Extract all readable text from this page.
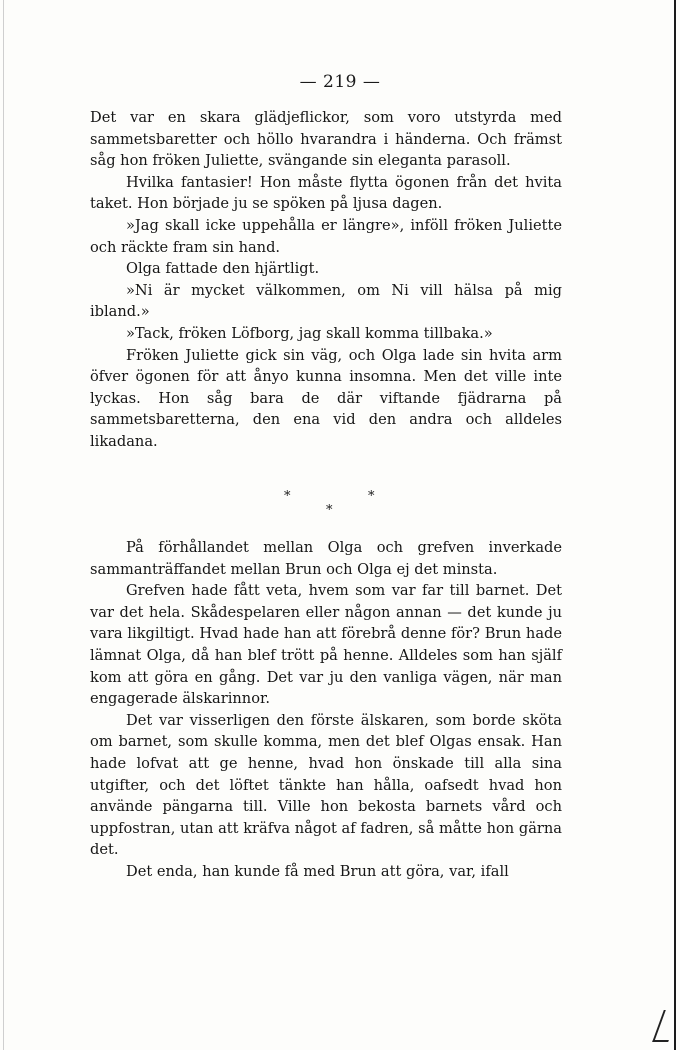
— 219 —

Det var en skara glädjeflickor, som voro utstyrda med sammetsbaretter och höllo hvarandra i händerna. Och främst såg hon fröken Juliette, svängande sin eleganta parasoll.

Hvilka fantasier! Hon måste flytta ögonen från det hvita taket. Hon började ju se spöken på ljusa dagen.

»Jag skall icke uppehålla er längre», inföll fröken Juliette och räckte fram sin hand.

Olga fattade den hjärtligt.

»Ni är mycket välkommen, om Ni vill hälsa på mig ibland.»

»Tack, fröken Löfborg, jag skall komma tillbaka.»

Fröken Juliette gick sin väg, och Olga lade sin hvita arm öfver ögonen för att ånyo kunna insomna. Men det ville inte lyckas. Hon såg bara de där viftande fjädrarna på sammetsbaretterna, den ena vid den andra och alldeles likadana.

*
*
*

På förhållandet mellan Olga och grefven inverkade sammanträffandet mellan Brun och Olga ej det minsta.

Grefven hade fått veta, hvem som var far till barnet. Det var det hela. Skådespelaren eller någon annan — det kunde ju vara likgiltigt. Hvad hade han att förebrå denne för? Brun hade lämnat Olga, då han blef trött på henne. Alldeles som han själf kom att göra en gång. Det var ju den vanliga vägen, när man engagerade älskarinnor.

Det var visserligen den förste älskaren, som borde sköta om barnet, som skulle komma, men det blef Olgas ensak. Han hade lofvat att ge henne, hvad hon önskade till alla sina utgifter, och det löftet tänkte han hålla, oafsedt hvad hon använde pängarna till. Ville hon bekosta barnets vård och uppfostran, utan att kräfva något af fadren, så måtte hon gärna det.

Det enda, han kunde få med Brun att göra, var, ifall
